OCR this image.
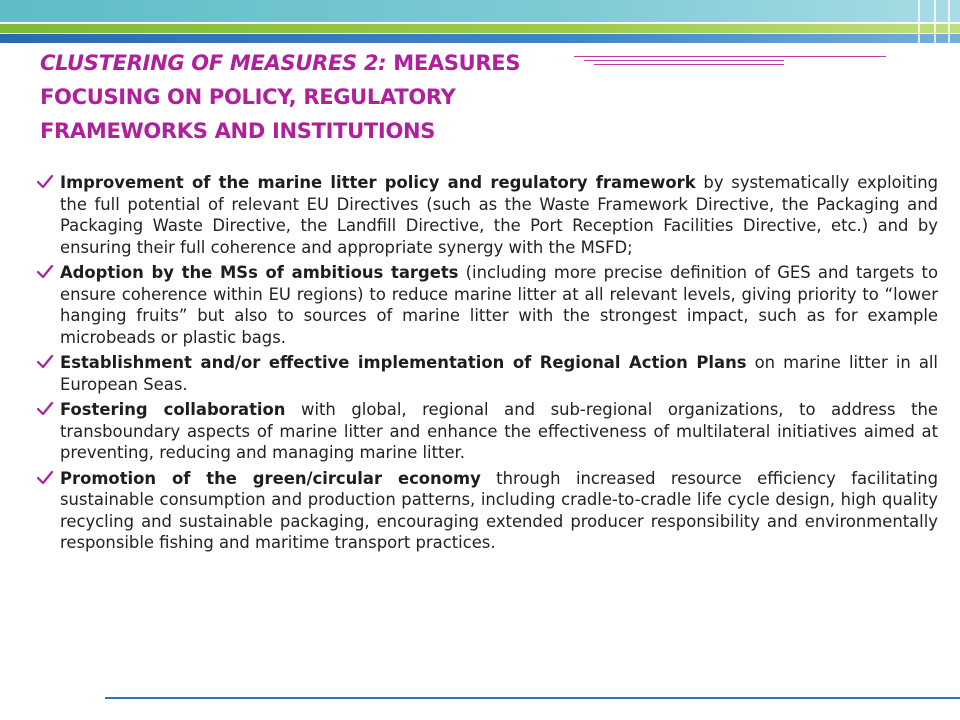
CLUSTERING OF MEASURES 2: MEASURES
FOCUSING ON POLICY, REGULATORY
FRAMEWORKS AND INSTITUTIONS
Improvement of the marine litter policy and regulatory framework by systematically exploiting the full potential of relevant EU Directives (such as the Waste Framework Directive, the Packaging and Packaging Waste Directive, the Landfill Directive, the Port Reception Facilities Directive, etc.) and by ensuring their full coherence and appropriate synergy with the MSFD;
Adoption by the MSs of ambitious targets (including more precise definition of GES and targets to ensure coherence within EU regions) to reduce marine litter at all relevant levels, giving priority to “lower hanging fruits” but also to sources of marine litter with the strongest impact, such as for example microbeads or plastic bags.
Establishment and/or effective implementation of Regional Action Plans on marine litter in all European Seas.
Fostering collaboration with global, regional and sub-regional organizations, to address the transboundary aspects of marine litter and enhance the effectiveness of multilateral initiatives aimed at preventing, reducing and managing marine litter.
Promotion of the green/circular economy through increased resource efficiency facilitating sustainable consumption and production patterns, including cradle-to-cradle life cycle design, high quality recycling and sustainable packaging, encouraging extended producer responsibility and environmentally responsible fishing and maritime transport practices.
